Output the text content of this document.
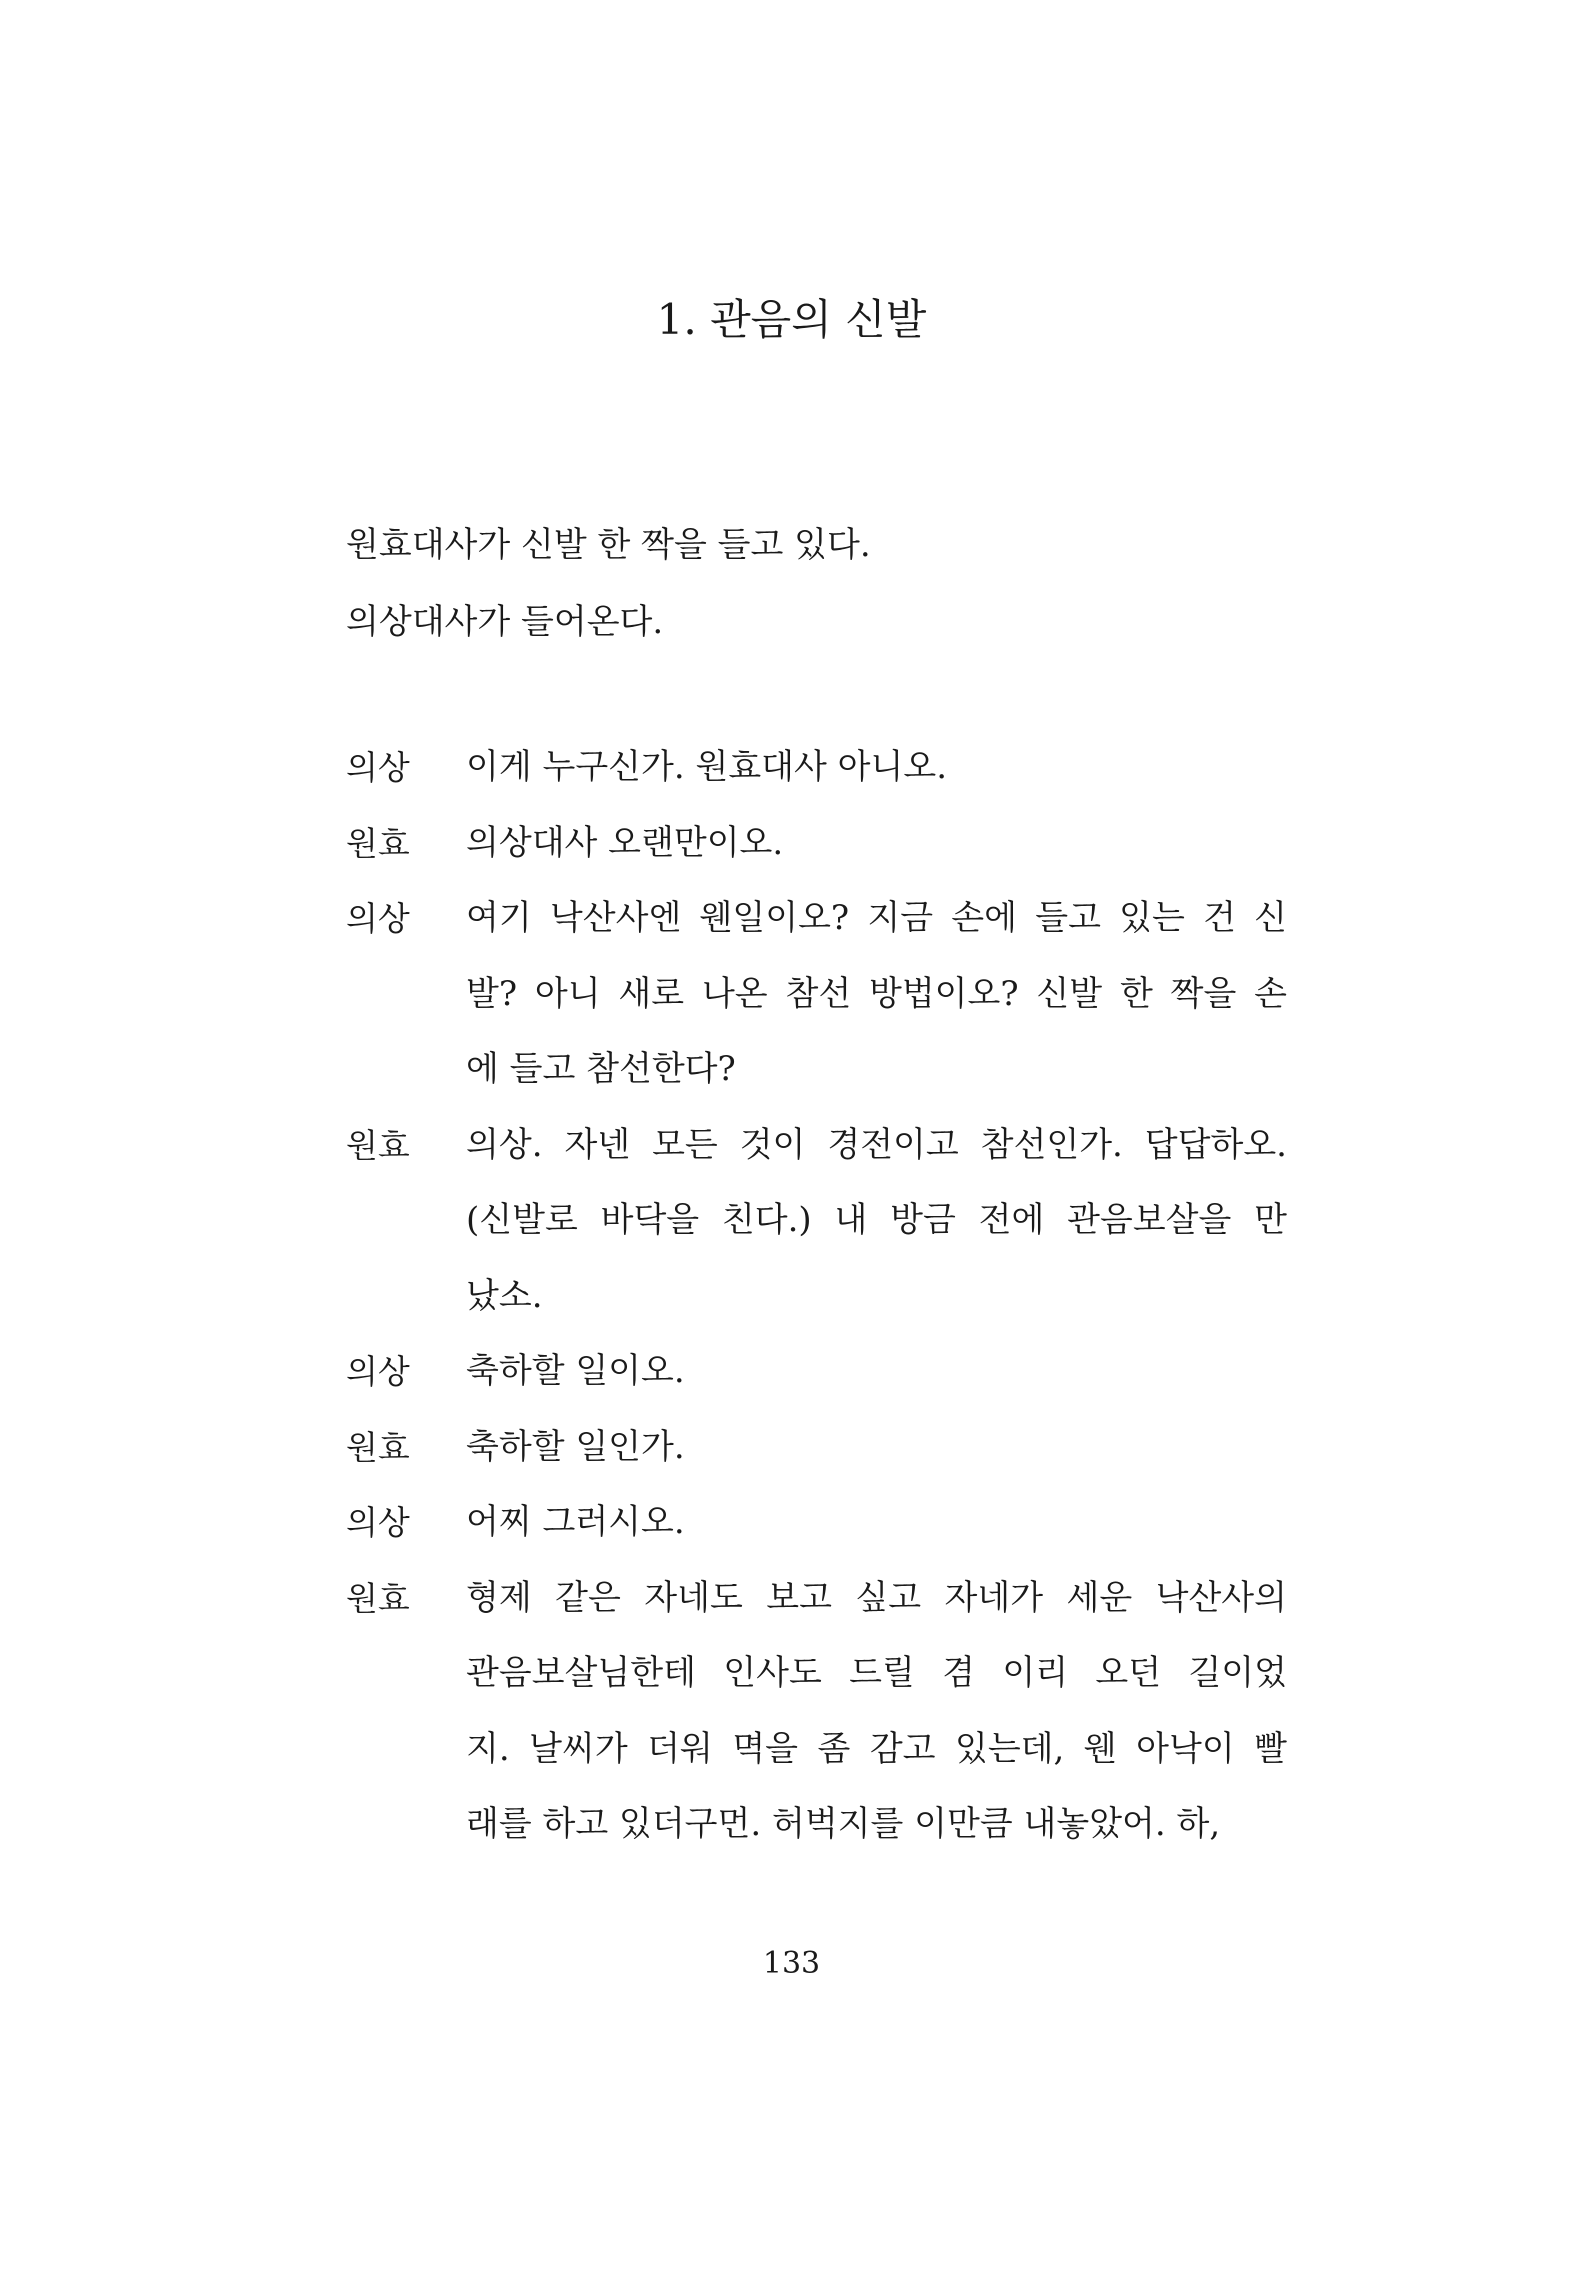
1. 관음의 신발
원효대사가 신발 한 짝을 들고 있다.
의상대사가 들어온다.
의상	이게 누구신가. 원효대사 아니오.
원효	의상대사 오랜만이오.
의상	여기 낙산사엔 웬일이오? 지금 손에 들고 있는 건 신
발? 아니 새로 나온 참선 방법이오? 신발 한 짝을 손
에 들고 참선한다?
원효	의상. 자넨 모든 것이 경전이고 참선인가. 답답하오.
(신발로 바닥을 친다.) 내 방금 전에 관음보살을 만
났소.
의상	축하할 일이오.
원효	축하할 일인가.
의상	어찌 그러시오.
원효	형제 같은 자네도 보고 싶고 자네가 세운 낙산사의
관음보살님한테 인사도 드릴 겸 이리 오던 길이었
지. 날씨가 더워 멱을 좀 감고 있는데, 웬 아낙이 빨
래를 하고 있더구먼. 허벅지를 이만큼 내놓았어. 하,
133
